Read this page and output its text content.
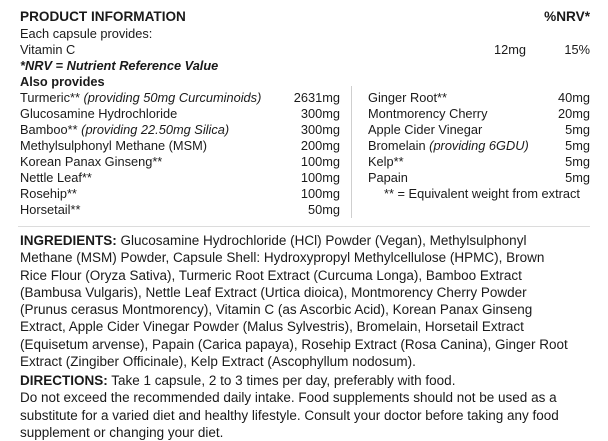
PRODUCT INFORMATION	%NRV*
Each capsule provides:
Vitamin C	12mg	15%
*NRV = Nutrient Reference Value
Also provides
Turmeric** (providing 50mg Curcuminoids)	2631mg
Glucosamine Hydrochloride	300mg
Bamboo** (providing 22.50mg Silica)	300mg
Methylsulphonyl Methane (MSM)	200mg
Korean Panax Ginseng**	100mg
Nettle Leaf**	100mg
Rosehip**	100mg
Horsetail**	50mg
Ginger Root**	40mg
Montmorency Cherry	20mg
Apple Cider Vinegar	5mg
Bromelain (providing 6GDU)	5mg
Kelp**	5mg
Papain	5mg
** = Equivalent weight from extract
INGREDIENTS: Glucosamine Hydrochloride (HCl) Powder (Vegan), Methylsulphonyl
Methane (MSM) Powder, Capsule Shell: Hydroxypropyl Methylcellulose (HPMC), Brown
Rice Flour (Oryza Sativa), Turmeric Root Extract (Curcuma Longa), Bamboo Extract
(Bambusa Vulgaris), Nettle Leaf Extract (Urtica dioica), Montmorency Cherry Powder
(Prunus cerasus Montmorency), Vitamin C (as Ascorbic Acid), Korean Panax Ginseng
Extract, Apple Cider Vinegar Powder (Malus Sylvestris), Bromelain, Horsetail Extract
(Equisetum arvense), Papain (Carica papaya), Rosehip Extract (Rosa Canina), Ginger Root
Extract (Zingiber Officinale), Kelp Extract (Ascophyllum nodosum).
DIRECTIONS: Take 1 capsule, 2 to 3 times per day, preferably with food.
Do not exceed the recommended daily intake. Food supplements should not be used as a
substitute for a varied diet and healthy lifestyle. Consult your doctor before taking any food
supplement or changing your diet.
